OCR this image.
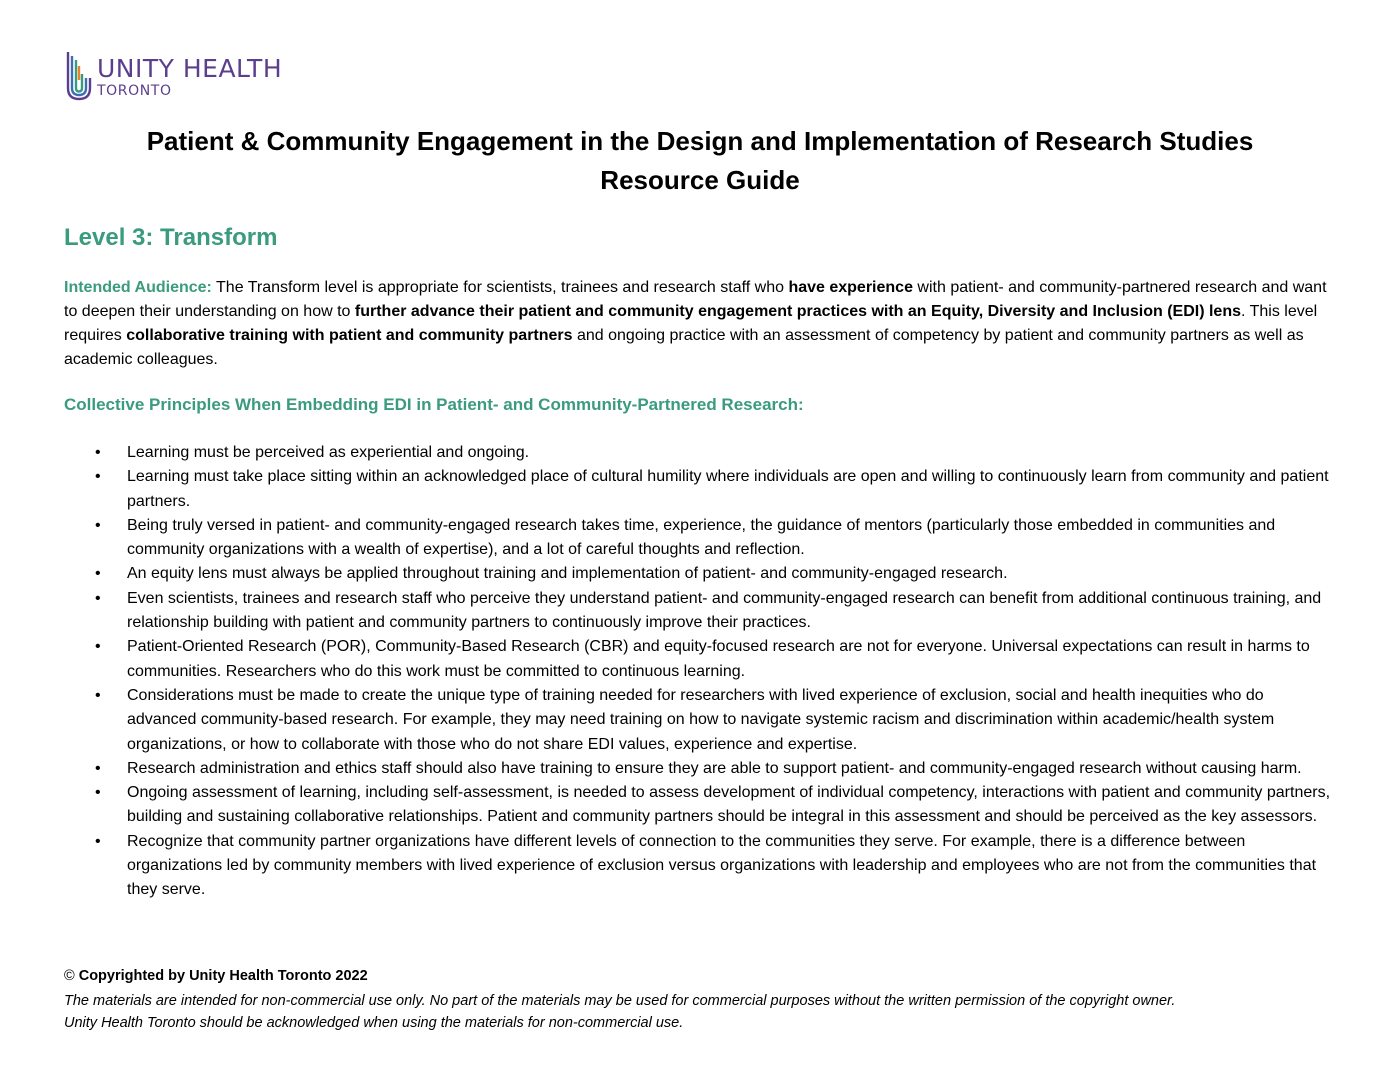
UNITY HEALTH
TORONTO
Patient & Community Engagement in the Design and Implementation of Research Studies
Resource Guide
Level 3: Transform

Intended Audience: The Transform level is appropriate for scientists, trainees and research staff who have experience with patient- and community-partnered research and want to deepen their understanding on how to further advance their patient and community engagement practices with an Equity, Diversity and Inclusion (EDI) lens. This level requires collaborative training with patient and community partners and ongoing practice with an assessment of competency by patient and community partners as well as academic colleagues.

Collective Principles When Embedding EDI in Patient- and Community-Partnered Research:
• Learning must be perceived as experiential and ongoing.
• Learning must take place sitting within an acknowledged place of cultural humility where individuals are open and willing to continuously learn from community and patient partners.
• Being truly versed in patient- and community-engaged research takes time, experience, the guidance of mentors (particularly those embedded in communities and community organizations with a wealth of expertise), and a lot of careful thoughts and reflection.
• An equity lens must always be applied throughout training and implementation of patient- and community-engaged research.
• Even scientists, trainees and research staff who perceive they understand patient- and community-engaged research can benefit from additional continuous training, and relationship building with patient and community partners to continuously improve their practices.
• Patient-Oriented Research (POR), Community-Based Research (CBR) and equity-focused research are not for everyone. Universal expectations can result in harms to communities. Researchers who do this work must be committed to continuous learning.
• Considerations must be made to create the unique type of training needed for researchers with lived experience of exclusion, social and health inequities who do advanced community-based research. For example, they may need training on how to navigate systemic racism and discrimination within academic/health system organizations, or how to collaborate with those who do not share EDI values, experience and expertise.
• Research administration and ethics staff should also have training to ensure they are able to support patient- and community-engaged research without causing harm.
• Ongoing assessment of learning, including self-assessment, is needed to assess development of individual competency, interactions with patient and community partners, building and sustaining collaborative relationships. Patient and community partners should be integral in this assessment and should be perceived as the key assessors.
• Recognize that community partner organizations have different levels of connection to the communities they serve. For example, there is a difference between organizations led by community members with lived experience of exclusion versus organizations with leadership and employees who are not from the communities that they serve.

© Copyrighted by Unity Health Toronto 2022

The materials are intended for non-commercial use only. No part of the materials may be used for commercial purposes without the written permission of the copyright owner.
Unity Health Toronto should be acknowledged when using the materials for non-commercial use.
